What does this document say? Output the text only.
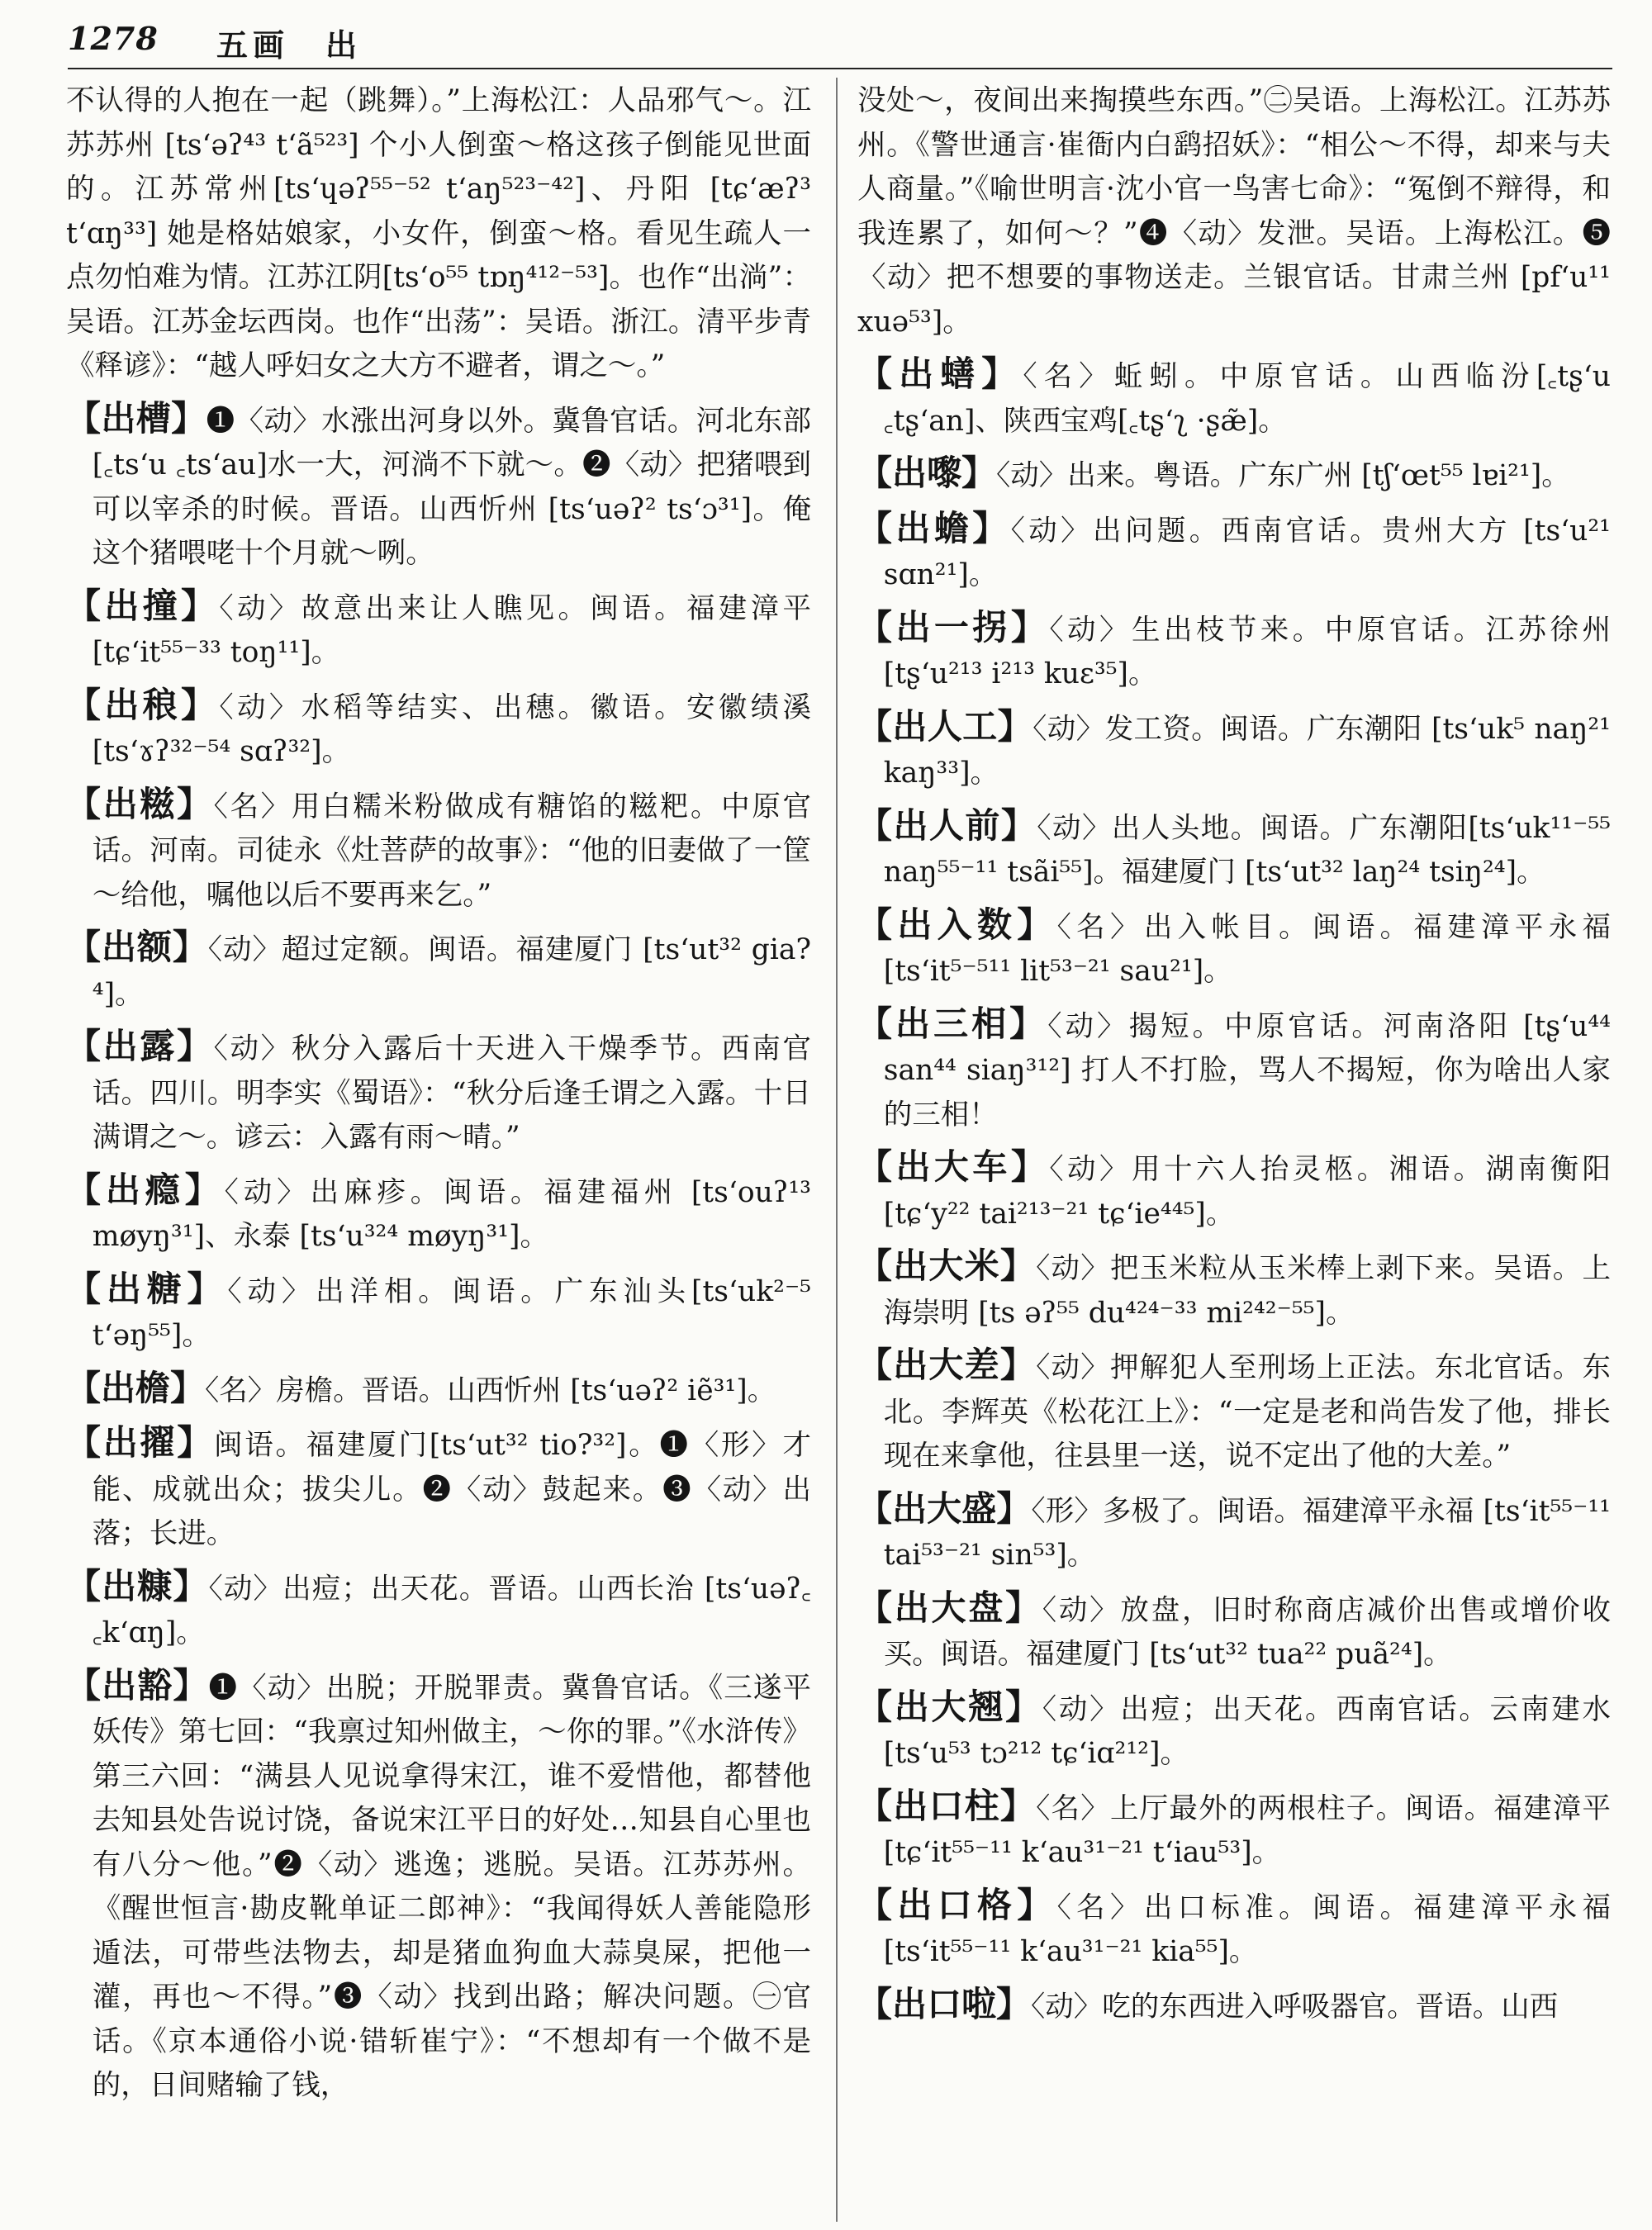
1278 五画　出

不认得的人抱在一起（跳舞）。”上海松江：人品邪气～。江苏苏州 [ts‘əʔ⁴³ t‘ã⁵²³] 个小人倒蛮～格这孩子倒能见世面的。江苏常州[ts‘ɥəʔ⁵⁵⁻⁵² t‘aŋ⁵²³⁻⁴²]、丹阳 [tɕ‘æʔ³ t‘ɑŋ³³] 她是格姑娘家，小女仵，倒蛮～格。看见生疏人一点勿怕难为情。江苏江阴[ts‘o⁵⁵ tɒŋ⁴¹²⁻⁵³]。也作“出淌”：吴语。江苏金坛西岗。也作“出荡”：吴语。浙江。清平步青《释谚》：“越人呼妇女之大方不避者，谓之～。”

【出槽】❶〈动〉水涨出河身以外。冀鲁官话。河北东部[꜀ts‘u ꜀ts‘au]水一大，河淌不下就～。❷〈动〉把猪喂到可以宰杀的时候。晋语。山西忻州 [ts‘uəʔ² ts‘ɔ³¹]。俺这个猪喂咾十个月就～咧。

【出撞】〈动〉故意出来让人瞧见。闽语。福建漳平[tɕ‘it⁵⁵⁻³³ toŋ¹¹]。

【出稂】〈动〉水稻等结实、出穗。徽语。安徽绩溪[ts‘ɤʔ³²⁻⁵⁴ sɑʔ³²]。

【出糍】〈名〉用白糯米粉做成有糖馅的糍粑。中原官话。河南。司徒永《灶菩萨的故事》：“他的旧妻做了一筐～给他，嘱他以后不要再来乞。”

【出额】〈动〉超过定额。闽语。福建厦门 [ts‘ut³² gia?⁴]。

【出露】〈动〉秋分入露后十天进入干燥季节。西南官话。四川。明李实《蜀语》：“秋分后逢壬谓之入露。十日满谓之～。谚云：入露有雨～晴。”

【出瘾】〈动〉出麻疹。闽语。福建福州 [ts‘ouʔ¹³ møyŋ³¹]、永泰 [ts‘u³²⁴ møyŋ³¹]。

【出糖】〈动〉出洋相。闽语。广东汕头[ts‘uk²⁻⁵ t‘əŋ⁵⁵]。

【出檐】〈名〉房檐。晋语。山西忻州 [ts‘uəʔ² iẽ³¹]。

【出擢】闽语。福建厦门[ts‘ut³² tio?³²]。❶〈形〉才能、成就出众；拔尖儿。❷〈动〉鼓起来。❸〈动〉出落；长进。

【出糠】〈动〉出痘；出天花。晋语。山西长治 [ts‘uəʔ꜀ ꜀k‘ɑŋ]。

【出豁】❶〈动〉出脱；开脱罪责。冀鲁官话。《三遂平妖传》第七回：“我禀过知州做主，～你的罪。”《水浒传》第三六回：“满县人见说拿得宋江，谁不爱惜他，都替他去知县处告说讨饶，备说宋江平日的好处…知县自心里也有八分～他。”❷〈动〉逃逸；逃脱。吴语。江苏苏州。《醒世恒言·勘皮靴单证二郎神》：“我闻得妖人善能隐形遁法，可带些法物去，却是猪血狗血大蒜臭屎，把他一灌，再也～不得。”❸〈动〉找到出路；解决问题。㊀官话。《京本通俗小说·错斩崔宁》：“不想却有一个做不是的，日间赌输了钱，

没处～，夜间出来掏摸些东西。”㊁吴语。上海松江。江苏苏州。《警世通言·崔衙内白鹞招妖》：“相公～不得，却来与夫人商量。”《喻世明言·沈小官一鸟害七命》：“冤倒不辩得，和我连累了，如何～？”❹〈动〉发泄。吴语。上海松江。❺〈动〉把不想要的事物送走。兰银官话。甘肃兰州 [pf‘u¹¹ xuə⁵³]。

【出蟮】〈名〉蚯蚓。中原官话。山西临汾[꜀tʂ‘u ꜀tʂ‘an]、陕西宝鸡[꜀tʂ‘ʅ ·ʂæ̃]。

【出嚟】〈动〉出来。粤语。广东广州 [tʃ‘œt⁵⁵ lɐi²¹]。

【出蟾】〈动〉出问题。西南官话。贵州大方 [ts‘u²¹ sɑn²¹]。

【出一拐】〈动〉生出枝节来。中原官话。江苏徐州[tʂ‘u²¹³ i²¹³ kuɛ³⁵]。

【出人工】〈动〉发工资。闽语。广东潮阳 [ts‘uk⁵ naŋ²¹ kaŋ³³]。

【出人前】〈动〉出人头地。闽语。广东潮阳[ts‘uk¹¹⁻⁵⁵ naŋ⁵⁵⁻¹¹ tsãi⁵⁵]。福建厦门 [ts‘ut³² laŋ²⁴ tsiŋ²⁴]。

【出入数】〈名〉出入帐目。闽语。福建漳平永福[ts‘it⁵⁻⁵¹¹ lit⁵³⁻²¹ sau²¹]。

【出三相】〈动〉揭短。中原官话。河南洛阳 [tʂ‘u⁴⁴ san⁴⁴ siaŋ³¹²] 打人不打脸，骂人不揭短，你为啥出人家的三相！

【出大车】〈动〉用十六人抬灵柩。湘语。湖南衡阳[tɕ‘y²² tai²¹³⁻²¹ tɕ‘ie⁴⁴⁵]。

【出大米】〈动〉把玉米粒从玉米棒上剥下来。吴语。上海崇明 [ts əʔ⁵⁵ du⁴²⁴⁻³³ mi²⁴²⁻⁵⁵]。

【出大差】〈动〉押解犯人至刑场上正法。东北官话。东北。李辉英《松花江上》：“一定是老和尚告发了他，排长现在来拿他，往县里一送，说不定出了他的大差。”

【出大盛】〈形〉多极了。闽语。福建漳平永福 [ts‘it⁵⁵⁻¹¹ tai⁵³⁻²¹ sin⁵³]。

【出大盘】〈动〉放盘，旧时称商店减价出售或增价收买。闽语。福建厦门 [ts‘ut³² tua²² puã²⁴]。

【出大翘】〈动〉出痘；出天花。西南官话。云南建水[ts‘u⁵³ tɔ²¹² tɕ‘iɑ²¹²]。

【出口柱】〈名〉上厅最外的两根柱子。闽语。福建漳平 [tɕ‘it⁵⁵⁻¹¹ k‘au³¹⁻²¹ t‘iau⁵³]。

【出口格】〈名〉出口标准。闽语。福建漳平永福[ts‘it⁵⁵⁻¹¹ k‘au³¹⁻²¹ kia⁵⁵]。

【出口啦】〈动〉吃的东西进入呼吸器官。晋语。山西
